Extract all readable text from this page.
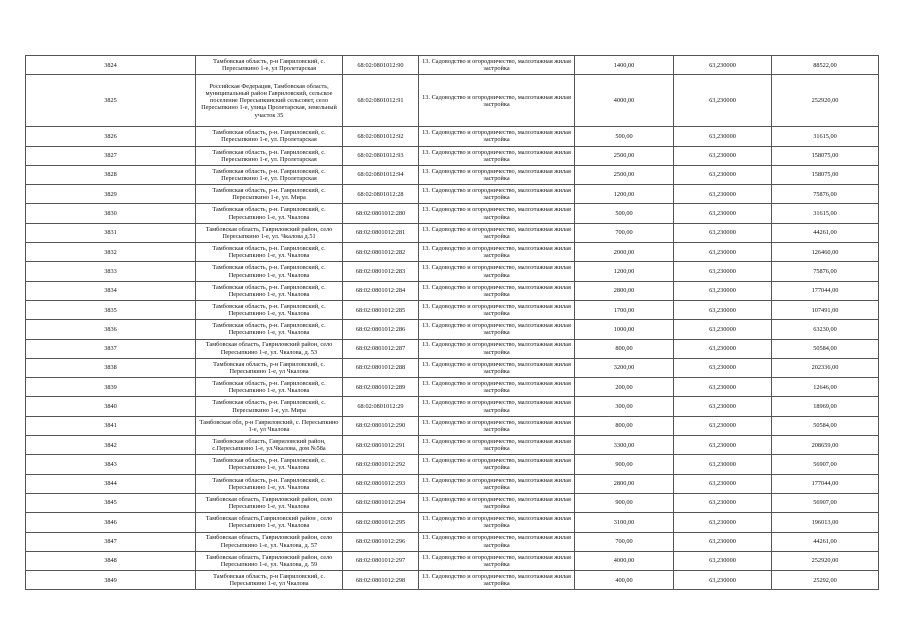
3824	Тамбовская область, р-н Гавриловский, с. Пересыпкино 1-е, ул Пролетарская	68:02:0801012:90	13. Садоводство и огородничество, малоэтажная жилая застройка	1400,00	63,230000	88522,00
3825	Российская Федерация, Тамбовская область, муниципальный район Гавриловский, сельское поселение Пересыпкинский сельсовет, село Пересыпкино 1-е, улица Пролетарская, земельный участок 35	68:02:0801012:91	13. Садоводство и огородничество, малоэтажная жилая застройка	4000,00	63,230000	252920,00
3826	Тамбовская область, р-н. Гавриловский, с. Пересыпкино 1-е, ул. Пролетарская	68:02:0801012:92	13. Садоводство и огородничество, малоэтажная жилая застройка	500,00	63,230000	31615,00
3827	Тамбовская область, р-н. Гавриловский, с. Пересыпкино 1-е, ул. Пролетарская	68:02:0801012:93	13. Садоводство и огородничество, малоэтажная жилая застройка	2500,00	63,230000	158075,00
3828	Тамбовская область, р-н. Гавриловский, с. Пересыпкино 1-е, ул. Пролетарская	68:02:0801012:94	13. Садоводство и огородничество, малоэтажная жилая застройка	2500,00	63,230000	158075,00
3829	Тамбовская область, р-н. Гавриловский, с. Пересыпкино 1-е, ул. Мира	68:02:0801012:28	13. Садоводство и огородничество, малоэтажная жилая застройка	1200,00	63,230000	75876,00
3830	Тамбовская область, р-н. Гавриловский, с. Пересыпкино 1-е, ул. Чкалова	68:02:0801012:280	13. Садоводство и огородничество, малоэтажная жилая застройка	500,00	63,230000	31615,00
3831	Тамбовская область, Гавриловский район, село Пересыпкино 1-е, ул. Чкалова д.51	68:02:0801012:281	13. Садоводство и огородничество, малоэтажная жилая застройка	700,00	63,230000	44261,00
3832	Тамбовская область, р-н. Гавриловский, с. Пересыпкино 1-е, ул. Чкалова	68:02:0801012:282	13. Садоводство и огородничество, малоэтажная жилая застройка	2000,00	63,230000	126460,00
3833	Тамбовская область, р-н. Гавриловский, с. Пересыпкино 1-е, ул. Чкалова	68:02:0801012:283	13. Садоводство и огородничество, малоэтажная жилая застройка	1200,00	63,230000	75876,00
3834	Тамбовская область, р-н. Гавриловский, с. Пересыпкино 1-е, ул. Чкалова	68:02:0801012:284	13. Садоводство и огородничество, малоэтажная жилая застройка	2800,00	63,230000	177044,00
3835	Тамбовская область, р-н. Гавриловский, с. Пересыпкино 1-е, ул. Чкалова	68:02:0801012:285	13. Садоводство и огородничество, малоэтажная жилая застройка	1700,00	63,230000	107491,00
3836	Тамбовская область, р-н. Гавриловский, с. Пересыпкино 1-е, ул. Чкалова	68:02:0801012:286	13. Садоводство и огородничество, малоэтажная жилая застройка	1000,00	63,230000	63230,00
3837	Тамбовская область, Гавриловский район, село Пересыпкино 1-е, ул. Чкалова, д. 53	68:02:0801012:287	13. Садоводство и огородничество, малоэтажная жилая застройка	800,00	63,230000	50584,00
3838	Тамбовская область, р-н Гавриловский, с. Пересыпкино 1-е, ул Чкалова	68:02:0801012:288	13. Садоводство и огородничество, малоэтажная жилая застройка	3200,00	63,230000	202336,00
3839	Тамбовская область, р-н. Гавриловский, с. Пересыпкино 1-е, ул. Чкалова	68:02:0801012:289	13. Садоводство и огородничество, малоэтажная жилая застройка	200,00	63,230000	12646,00
3840	Тамбовская область, р-н. Гавриловский, с. Пересыпкино 1-е, ул. Мира	68:02:0801012:29	13. Садоводство и огородничество, малоэтажная жилая застройка	300,00	63,230000	18969,00
3841	Тамбовская обл, р-н Гавриловский, с. Пересыпкино 1-е, ул Чкалова	68:02:0801012:290	13. Садоводство и огородничество, малоэтажная жилая застройка	800,00	63,230000	50584,00
3842	Тамбовская область, Гавриловский район, с.Пересыпкино 1-е, ул.Чкалова, дом №58а	68:02:0801012:291	13. Садоводство и огородничество, малоэтажная жилая застройка	3300,00	63,230000	208659,00
3843	Тамбовская область, р-н. Гавриловский, с. Пересыпкино 1-е, ул. Чкалова	68:02:0801012:292	13. Садоводство и огородничество, малоэтажная жилая застройка	900,00	63,230000	56907,00
3844	Тамбовская область, р-н. Гавриловский, с. Пересыпкино 1-е, ул. Чкалова	68:02:0801012:293	13. Садоводство и огородничество, малоэтажная жилая застройка	2800,00	63,230000	177044,00
3845	Тамбовская область, Гавриловский район, село Пересыпкино 1-е, ул. Чкалова	68:02:0801012:294	13. Садоводство и огородничество, малоэтажная жилая застройка	900,00	63,230000	56907,00
3846	Тамбовская область,Гавриловский район , село Пересыпкино 1-е, ул. Чкалова	68:02:0801012:295	13. Садоводство и огородничество, малоэтажная жилая застройка	3100,00	63,230000	196013,00
3847	Тамбовская область, Гавриловский район, село Пересыпкино 1-е, ул. Чкалова, д. 57	68:02:0801012:296	13. Садоводство и огородничество, малоэтажная жилая застройка	700,00	63,230000	44261,00
3848	Тамбовская область, Гавриловский район, село Пересыпкино 1-е, ул. Чкалова, д. 59	68:02:0801012:297	13. Садоводство и огородничество, малоэтажная жилая застройка	4000,00	63,230000	252920,00
3849	Тамбовская область, р-н Гавриловский, с. Пересыпкино 1-е, ул Чкалова	68:02:0801012:298	13. Садоводство и огородничество, малоэтажная жилая застройка	400,00	63,230000	25292,00
